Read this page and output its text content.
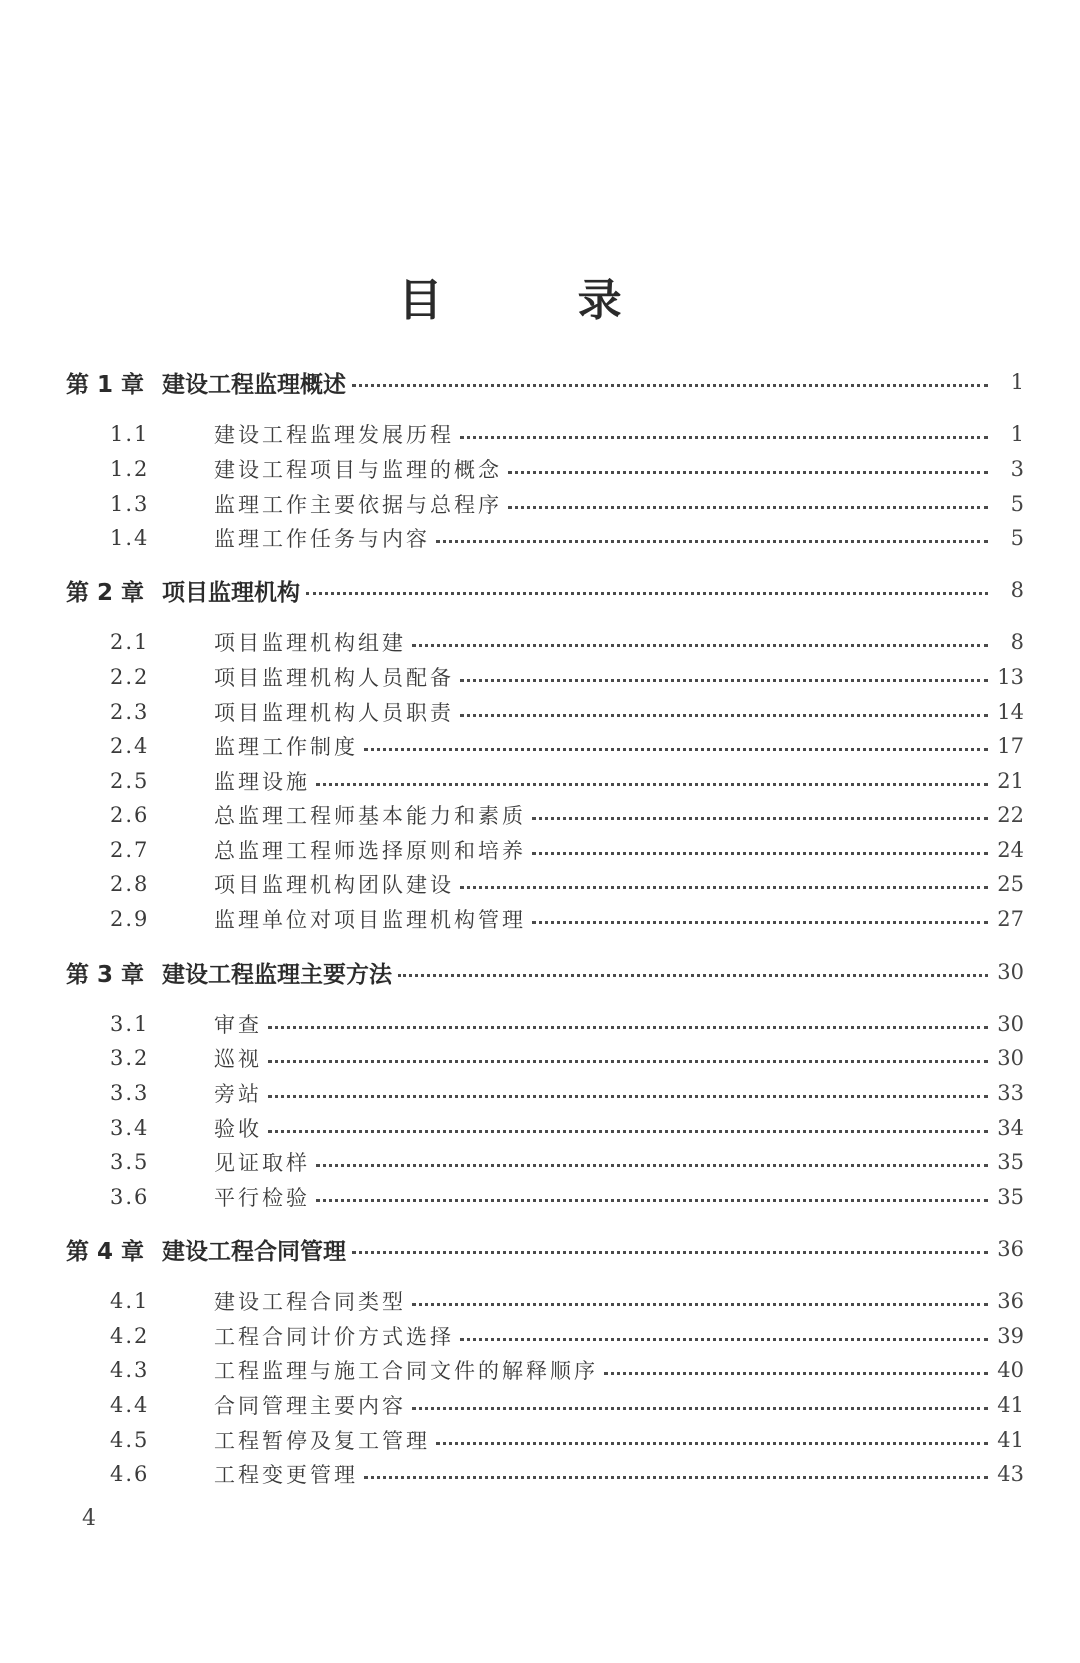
目 录
第 1 章 建设工程监理概述	1
1.1	建设工程监理发展历程	1
1.2	建设工程项目与监理的概念	3
1.3	监理工作主要依据与总程序	5
1.4	监理工作任务与内容	5
第 2 章 项目监理机构	8
2.1	项目监理机构组建	8
2.2	项目监理机构人员配备	13
2.3	项目监理机构人员职责	14
2.4	监理工作制度	17
2.5	监理设施	21
2.6	总监理工程师基本能力和素质	22
2.7	总监理工程师选择原则和培养	24
2.8	项目监理机构团队建设	25
2.9	监理单位对项目监理机构管理	27
第 3 章 建设工程监理主要方法	30
3.1	审查	30
3.2	巡视	30
3.3	旁站	33
3.4	验收	34
3.5	见证取样	35
3.6	平行检验	35
第 4 章 建设工程合同管理	36
4.1	建设工程合同类型	36
4.2	工程合同计价方式选择	39
4.3	工程监理与施工合同文件的解释顺序	40
4.4	合同管理主要内容	41
4.5	工程暂停及复工管理	41
4.6	工程变更管理	43
4
